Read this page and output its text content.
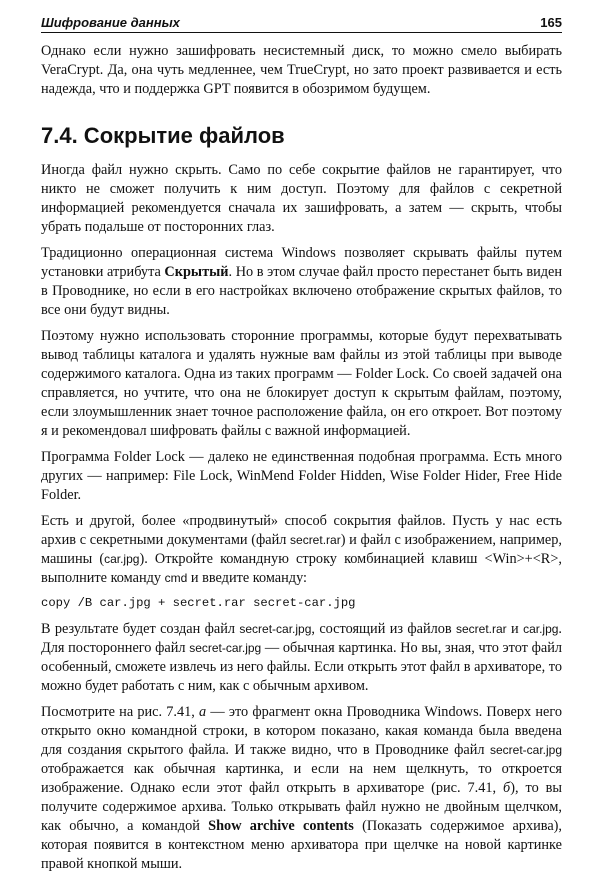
Шифрование данных	165

Однако если нужно зашифровать несистемный диск, то можно смело выбирать VeraCrypt. Да, она чуть медленнее, чем TrueCrypt, но зато проект развивается и есть надежда, что и поддержка GPT появится в обозримом будущем.

7.4. Сокрытие файлов

Иногда файл нужно скрыть. Само по себе сокрытие файлов не гарантирует, что никто не сможет получить к ним доступ. Поэтому для файлов с секретной информацией рекомендуется сначала их зашифровать, а затем — скрыть, чтобы убрать подальше от посторонних глаз.

Традиционно операционная система Windows позволяет скрывать файлы путем установки атрибута Скрытый. Но в этом случае файл просто перестанет быть виден в Проводнике, но если в его настройках включено отображение скрытых файлов, то все они будут видны.

Поэтому нужно использовать сторонние программы, которые будут перехватывать вывод таблицы каталога и удалять нужные вам файлы из этой таблицы при выводе содержимого каталога. Одна из таких программ — Folder Lock. Со своей задачей она справляется, но учтите, что она не блокирует доступ к скрытым файлам, поэтому, если злоумышленник знает точное расположение файла, он его откроет. Вот поэтому я и рекомендовал шифровать файлы с важной информацией.

Программа Folder Lock — далеко не единственная подобная программа. Есть много других — например: File Lock, WinMend Folder Hidden, Wise Folder Hider, Free Hide Folder.

Есть и другой, более «продвинутый» способ сокрытия файлов. Пусть у нас есть архив с секретными документами (файл secret.rar) и файл с изображением, например, машины (car.jpg). Откройте командную строку комбинацией клавиш <Win>+<R>, выполните команду cmd и введите команду:

copy /B car.jpg + secret.rar secret-car.jpg

В результате будет создан файл secret-car.jpg, состоящий из файлов secret.rar и car.jpg. Для постороннего файл secret-car.jpg — обычная картинка. Но вы, зная, что этот файл особенный, сможете извлечь из него файлы. Если открыть этот файл в архиваторе, то можно будет работать с ним, как с обычным архивом.

Посмотрите на рис. 7.41, а — это фрагмент окна Проводника Windows. Поверх него открыто окно командной строки, в котором показано, какая команда была введена для создания скрытого файла. И также видно, что в Проводнике файл secret-car.jpg отображается как обычная картинка, и если на нем щелкнуть, то откроется изображение. Однако если этот файл открыть в архиваторе (рис. 7.41, б), то вы получите содержимое архива. Только открывать файл нужно не двойным щелчком, как обычно, а командой Show archive contents (Показать содержимое архива), которая появится в контекстном меню архиватора при щелчке на новой картинке правой кнопкой мыши.
